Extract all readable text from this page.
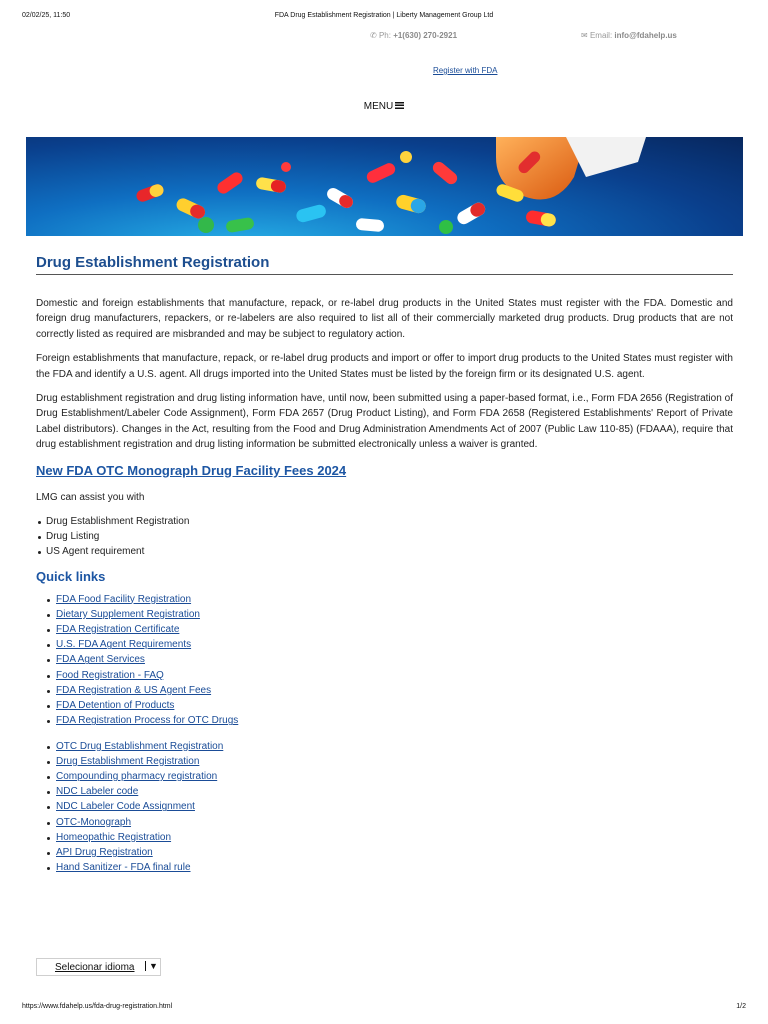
02/02/25, 11:50	FDA Drug Establishment Registration | Liberty Management Group Ltd
✆ Ph: +1(630) 270-2921	✉ Email: info@fdahelp.us
Register with FDA
MENU
Drug Establishment Registration

Domestic and foreign establishments that manufacture, repack, or re-label drug products in the United States must register with the FDA. Domestic and foreign drug manufacturers, repackers, or re-labelers are also required to list all of their commercially marketed drug products. Drug products that are not correctly listed as required are misbranded and may be subject to regulatory action.

Foreign establishments that manufacture, repack, or re-label drug products and import or offer to import drug products to the United States must register with the FDA and identify a U.S. agent. All drugs imported into the United States must be listed by the foreign firm or its designated U.S. agent.

Drug establishment registration and drug listing information have, until now, been submitted using a paper-based format, i.e., Form FDA 2656 (Registration of Drug Establishment/Labeler Code Assignment), Form FDA 2657 (Drug Product Listing), and Form FDA 2658 (Registered Establishments' Report of Private Label distributors). Changes in the Act, resulting from the Food and Drug Administration Amendments Act of 2007 (Public Law 110-85) (FDAAA), require that drug establishment registration and drug listing information be submitted electronically unless a waiver is granted.

New FDA OTC Monograph Drug Facility Fees 2024

LMG can assist you with

Drug Establishment Registration
Drug Listing
US Agent requirement
Quick links
FDA Food Facility Registration
Dietary Supplement Registration
FDA Registration Certificate
U.S. FDA Agent Requirements
FDA Agent Services
Food Registration - FAQ
FDA Registration & US Agent Fees
FDA Detention of Products
FDA Registration Process for OTC Drugs
OTC Drug Establishment Registration
Drug Establishment Registration
Compounding pharmacy registration
NDC Labeler code
NDC Labeler Code Assignment
OTC-Monograph
Homeopathic Registration
API Drug Registration
Hand Sanitizer - FDA final rule
Selecionar idioma	▼
https://www.fdahelp.us/fda-drug-registration.html	1/2
